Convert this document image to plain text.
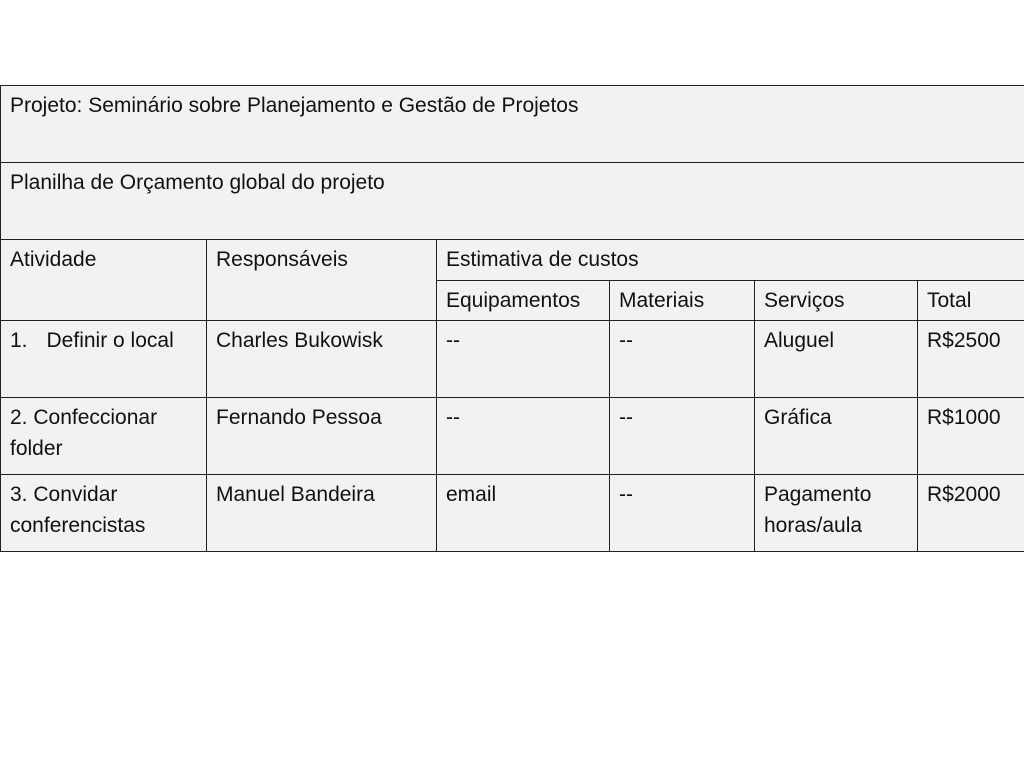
Projeto: Seminário sobre Planejamento e Gestão de Projetos					
Planilha de Orçamento global do projeto					
Atividade	Responsáveis	Estimativa de custos			
		Equipamentos	Materiais	Serviços	Total
1. Definir o local	Charles Bukowisk	--	--	Aluguel	R$2500
2. Confeccionar folder	Fernando Pessoa	--	--	Gráfica	R$1000
3. Convidar conferencistas	Manuel Bandeira	email	--	Pagamento horas/aula	R$2000
